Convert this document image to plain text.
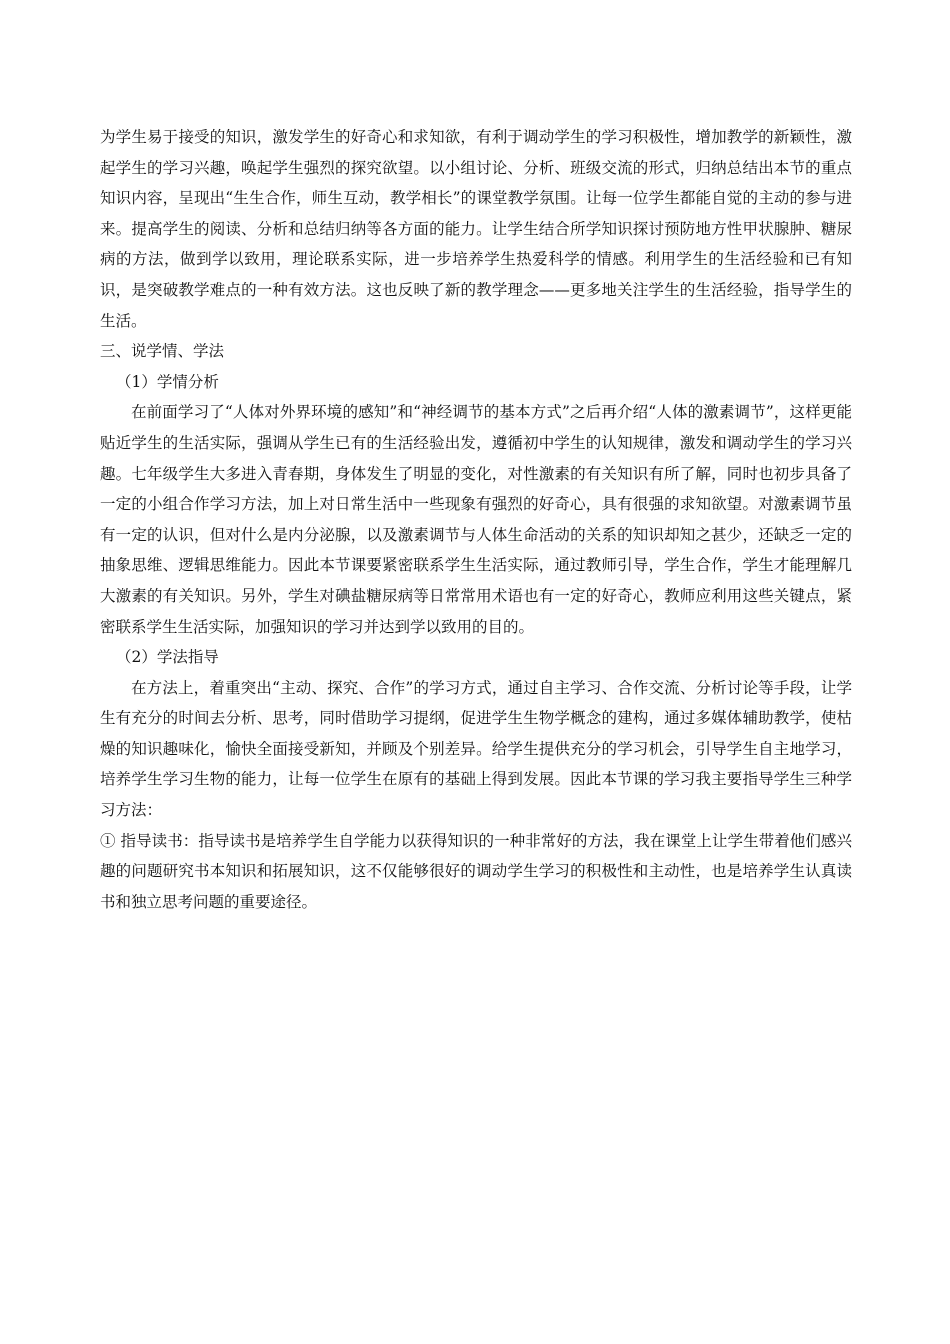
为学生易于接受的知识，激发学生的好奇心和求知欲，有利于调动学生的学习积极性，增加教学的新颖性，激起学生的学习兴趣，唤起学生强烈的探究欲望。以小组讨论、分析、班级交流的形式，归纳总结出本节的重点知识内容，呈现出“生生合作，师生互动，教学相长”的课堂教学氛围。让每一位学生都能自觉的主动的参与进来。提高学生的阅读、分析和总结归纳等各方面的能力。让学生结合所学知识探讨预防地方性甲状腺肿、糖尿病的方法，做到学以致用，理论联系实际，进一步培养学生热爱科学的情感。利用学生的生活经验和已有知识，是突破教学难点的一种有效方法。这也反映了新的教学理念——更多地关注学生的生活经验，指导学生的生活。

三、说学情、学法

（1）学情分析

在前面学习了“人体对外界环境的感知”和“神经调节的基本方式”之后再介绍“人体的激素调节”，这样更能贴近学生的生活实际，强调从学生已有的生活经验出发，遵循初中学生的认知规律，激发和调动学生的学习兴趣。七年级学生大多进入青春期，身体发生了明显的变化，对性激素的有关知识有所了解，同时也初步具备了一定的小组合作学习方法，加上对日常生活中一些现象有强烈的好奇心，具有很强的求知欲望。对激素调节虽有一定的认识，但对什么是内分泌腺，以及激素调节与人体生命活动的关系的知识却知之甚少，还缺乏一定的抽象思维、逻辑思维能力。因此本节课要紧密联系学生生活实际，通过教师引导，学生合作，学生才能理解几大激素的有关知识。另外，学生对碘盐糖尿病等日常常用术语也有一定的好奇心，教师应利用这些关键点，紧密联系学生生活实际，加强知识的学习并达到学以致用的目的。

（2）学法指导

在方法上，着重突出“主动、探究、合作”的学习方式，通过自主学习、合作交流、分析讨论等手段，让学生有充分的时间去分析、思考，同时借助学习提纲，促进学生生物学概念的建构，通过多媒体辅助教学，使枯燥的知识趣味化，愉快全面接受新知，并顾及个别差异。给学生提供充分的学习机会，引导学生自主地学习，培养学生学习生物的能力，让每一位学生在原有的基础上得到发展。因此本节课的学习我主要指导学生三种学习方法：

① 指导读书：指导读书是培养学生自学能力以获得知识的一种非常好的方法，我在课堂上让学生带着他们感兴趣的问题研究书本知识和拓展知识，这不仅能够很好的调动学生学习的积极性和主动性，也是培养学生认真读书和独立思考问题的重要途径。
